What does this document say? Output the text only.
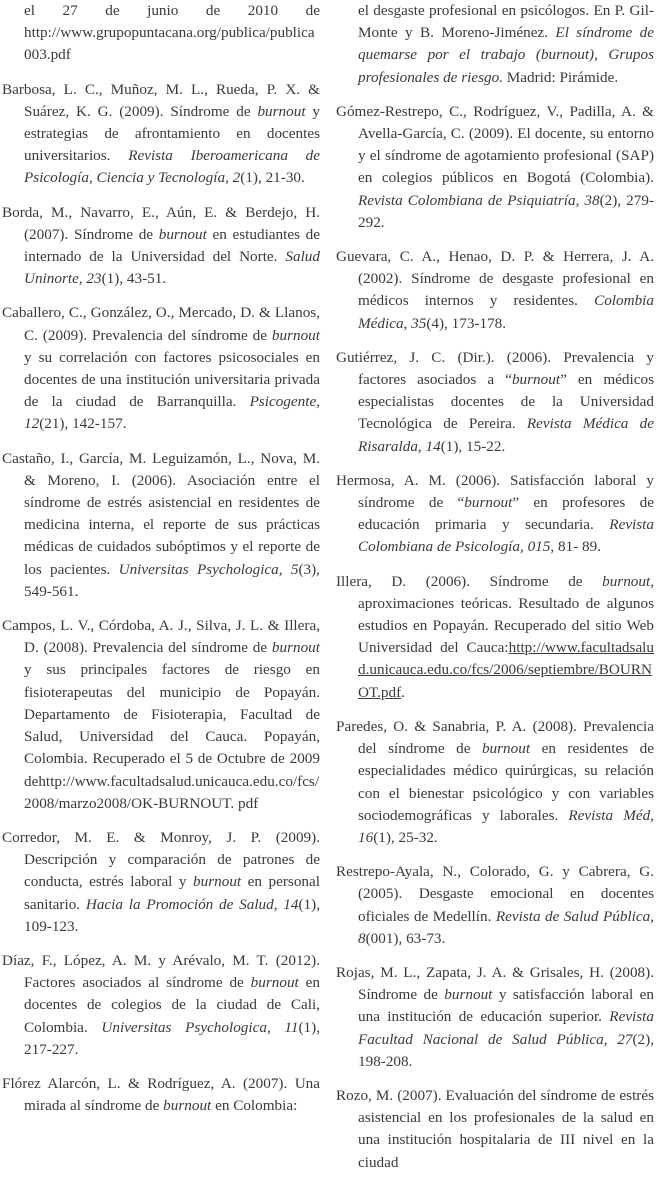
el 27 de junio de 2010 de http://www.grupopuntacana.org/publica/publica003.pdf

Barbosa, L. C., Muñoz, M. L., Rueda, P. X. & Suárez, K. G. (2009). Síndrome de burnout y estrategias de afrontamiento en docentes universitarios. Revista Iberoamericana de Psicología, Ciencia y Tecnología, 2(1), 21-30.

Borda, M., Navarro, E., Aún, E. & Berdejo, H. (2007). Síndrome de burnout en estudiantes de internado de la Universidad del Norte. Salud Uninorte, 23(1), 43-51.

Caballero, C., González, O., Mercado, D. & Llanos, C. (2009). Prevalencia del síndrome de burnout y su correlación con factores psicosociales en docentes de una institución universitaria privada de la ciudad de Barranquilla. Psicogente, 12(21), 142-157.

Castaño, I., García, M. Leguizamón, L., Nova, M. & Moreno, I. (2006). Asociación entre el síndrome de estrés asistencial en residentes de medicina interna, el reporte de sus prácticas médicas de cuidados subóptimos y el reporte de los pacientes. Universitas Psychologica, 5(3), 549-561.

Campos, L. V., Córdoba, A. J., Silva, J. L. & Illera, D. (2008). Prevalencia del síndrome de burnout y sus principales factores de riesgo en fisioterapeutas del municipio de Popayán. Departamento de Fisioterapia, Facultad de Salud, Universidad del Cauca. Popayán, Colombia. Recuperado el 5 de Octubre de 2009 dehttp://www.facultadsalud.unicauca.edu.co/fcs/2008/marzo2008/OK-BURNOUT. pdf

Corredor, M. E. & Monroy, J. P. (2009). Descripción y comparación de patrones de conducta, estrés laboral y burnout en personal sanitario. Hacia la Promoción de Salud, 14(1), 109-123.

Díaz, F., López, A. M. y Arévalo, M. T. (2012). Factores asociados al síndrome de burnout en docentes de colegios de la ciudad de Cali, Colombia. Universitas Psychologica, 11(1), 217-227.

Flórez Alarcón, L. & Rodríguez, A. (2007). Una mirada al síndrome de burnout en Colombia:

el desgaste profesional en psicólogos. En P. Gil-Monte y B. Moreno-Jiménez. El síndrome de quemarse por el trabajo (burnout), Grupos profesionales de riesgo. Madrid: Pirámide.

Gómez-Restrepo, C., Rodríguez, V., Padilla, A. & Avella-García, C. (2009). El docente, su entorno y el síndrome de agotamiento profesional (SAP) en colegios públicos en Bogotá (Colombia). Revista Colombiana de Psiquiatría, 38(2), 279-292.

Guevara, C. A., Henao, D. P. & Herrera, J. A. (2002). Síndrome de desgaste profesional en médicos internos y residentes. Colombia Médica, 35(4), 173-178.

Gutiérrez, J. C. (Dir.). (2006). Prevalencia y factores asociados a “burnout” en médicos especialistas docentes de la Universidad Tecnológica de Pereira. Revista Médica de Risaralda, 14(1), 15-22.

Hermosa, A. M. (2006). Satisfacción laboral y síndrome de “burnout” en profesores de educación primaria y secundaria. Revista Colombiana de Psicología, 015, 81- 89.

Illera, D. (2006). Síndrome de burnout, aproximaciones teóricas. Resultado de algunos estudios en Popayán. Recuperado del sitio Web Universidad del Cauca:http://www.facultadsalud.unicauca.edu.co/fcs/2006/septiembre/BOURNOT.pdf.

Paredes, O. & Sanabria, P. A. (2008). Prevalencia del síndrome de burnout en residentes de especialidades médico quirúrgicas, su relación con el bienestar psicológico y con variables sociodemográficas y laborales. Revista Méd, 16(1), 25-32.

Restrepo-Ayala, N., Colorado, G. y Cabrera, G. (2005). Desgaste emocional en docentes oficiales de Medellín. Revista de Salud Pública, 8(001), 63-73.

Rojas, M. L., Zapata, J. A. & Grisales, H. (2008). Síndrome de burnout y satisfacción laboral en una institución de educación superior. Revista Facultad Nacional de Salud Pública, 27(2), 198-208.

Rozo, M. (2007). Evaluación del síndrome de estrés asistencial en los profesionales de la salud en una institución hospitalaria de III nivel en la ciudad
